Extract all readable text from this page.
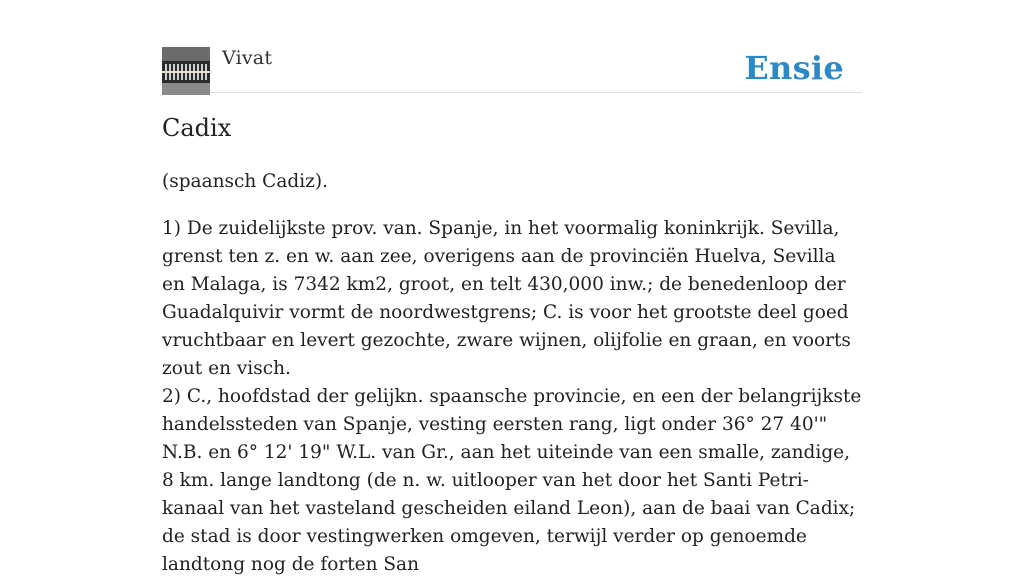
Vivat	Ensie
Cadix

(spaansch Cadiz).

1) De zuidelijkste prov. van. Spanje, in het voormalig koninkrijk. Sevilla, grenst ten z. en w. aan zee, overigens aan de provinciën Huelva, Sevilla en Malaga, is 7342 km2, groot, en telt 430,000 inw.; de benedenloop der Guadalquivir vormt de noordwestgrens; C. is voor het grootste deel goed vruchtbaar en levert gezochte, zware wijnen, olijfolie en graan, en voorts zout en visch.

2) C., hoofdstad der gelijkn. spaansche provincie, en een der belangrijkste handelssteden van Spanje, vesting eersten rang, ligt onder 36° 27 40'" N.B. en 6° 12' 19" W.L. van Gr., aan het uiteinde van een smalle, zandige, 8 km. lange landtong (de n. w. uitlooper van het door het Santi Petri-kanaal van het vasteland gescheiden eiland Leon), aan de baai van Cadix; de stad is door vestingwerken omgeven, terwijl verder op genoemde landtong nog de forten San
